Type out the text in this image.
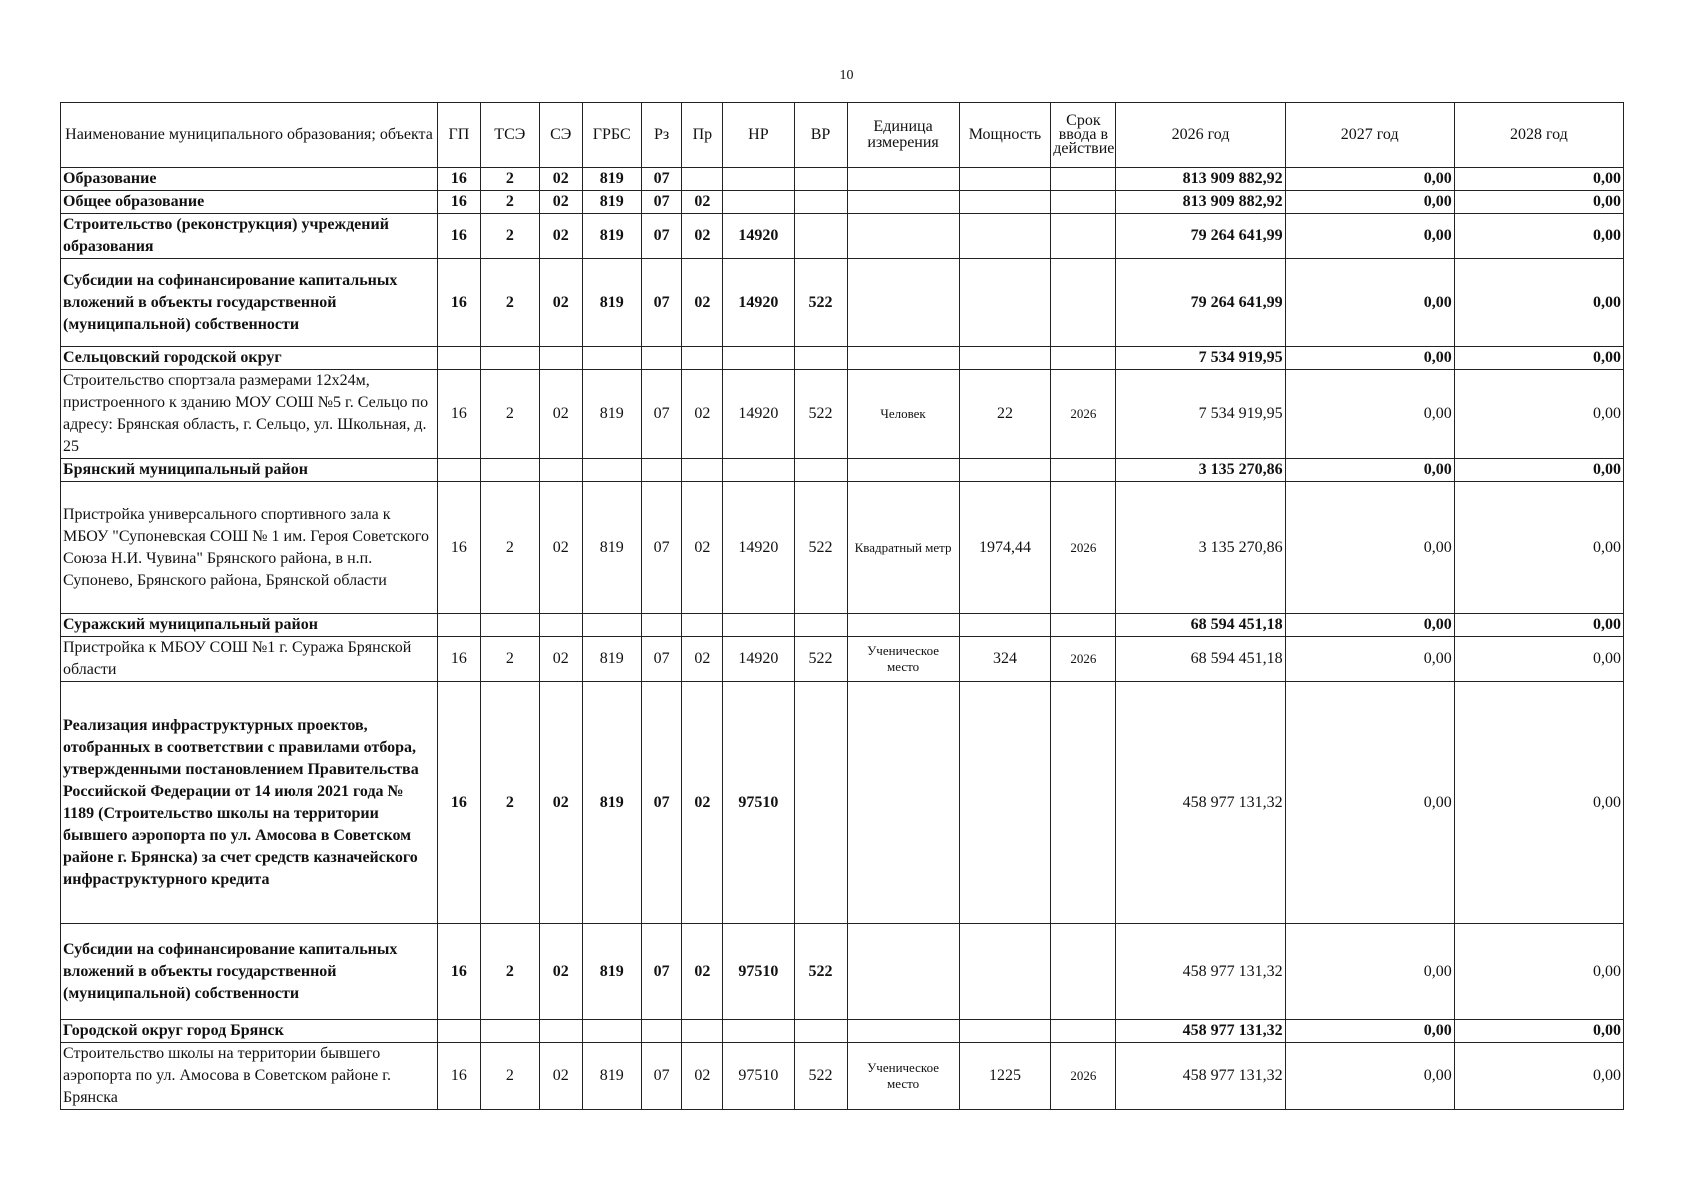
10
Наименование муниципального образования; объекта	ГП	ТСЭ	СЭ	ГРБС	Рз	Пр	НР	ВР	Единица измерения	Мощность	Срок ввода в действие	2026 год	2027 год	2028 год
Образование	16	2	02	819	07							813 909 882,92	0,00	0,00
Общее образование	16	2	02	819	07	02						813 909 882,92	0,00	0,00
Строительство (реконструкция) учреждений образования	16	2	02	819	07	02	14920					79 264 641,99	0,00	0,00
Субсидии на софинансирование капитальных вложений в объекты государственной (муниципальной) собственности	16	2	02	819	07	02	14920	522				79 264 641,99	0,00	0,00
Сельцовский городской округ												7 534 919,95	0,00	0,00
Строительство спортзала размерами 12х24м, пристроенного к зданию МОУ СОШ №5 г. Сельцо по адресу: Брянская область, г. Сельцо, ул. Школьная, д. 25	16	2	02	819	07	02	14920	522	Человек	22	2026	7 534 919,95	0,00	0,00
Брянский муниципальный район												3 135 270,86	0,00	0,00
Пристройка универсального спортивного зала к МБОУ "Супоневская СОШ № 1 им. Героя Советского Союза Н.И. Чувина" Брянского района, в н.п. Супонево, Брянского района, Брянской области	16	2	02	819	07	02	14920	522	Квадратный метр	1974,44	2026	3 135 270,86	0,00	0,00
Суражский муниципальный район												68 594 451,18	0,00	0,00
Пристройка к МБОУ СОШ №1 г. Суража Брянской области	16	2	02	819	07	02	14920	522	Ученическое место	324	2026	68 594 451,18	0,00	0,00
Реализация инфраструктурных проектов, отобранных в соответствии с правилами отбора, утвержденными постановлением Правительства Российской Федерации от 14 июля 2021 года № 1189 (Строительство школы на территории бывшего аэропорта по ул. Амосова в Советском районе г. Брянска) за счет средств казначейского инфраструктурного кредита	16	2	02	819	07	02	97510					458 977 131,32	0,00	0,00
Субсидии на софинансирование капитальных вложений в объекты государственной (муниципальной) собственности	16	2	02	819	07	02	97510	522				458 977 131,32	0,00	0,00
Городской округ город Брянск												458 977 131,32	0,00	0,00
Строительство школы на территории бывшего аэропорта по ул. Амосова в Советском районе г. Брянска	16	2	02	819	07	02	97510	522	Ученическое место	1225	2026	458 977 131,32	0,00	0,00
